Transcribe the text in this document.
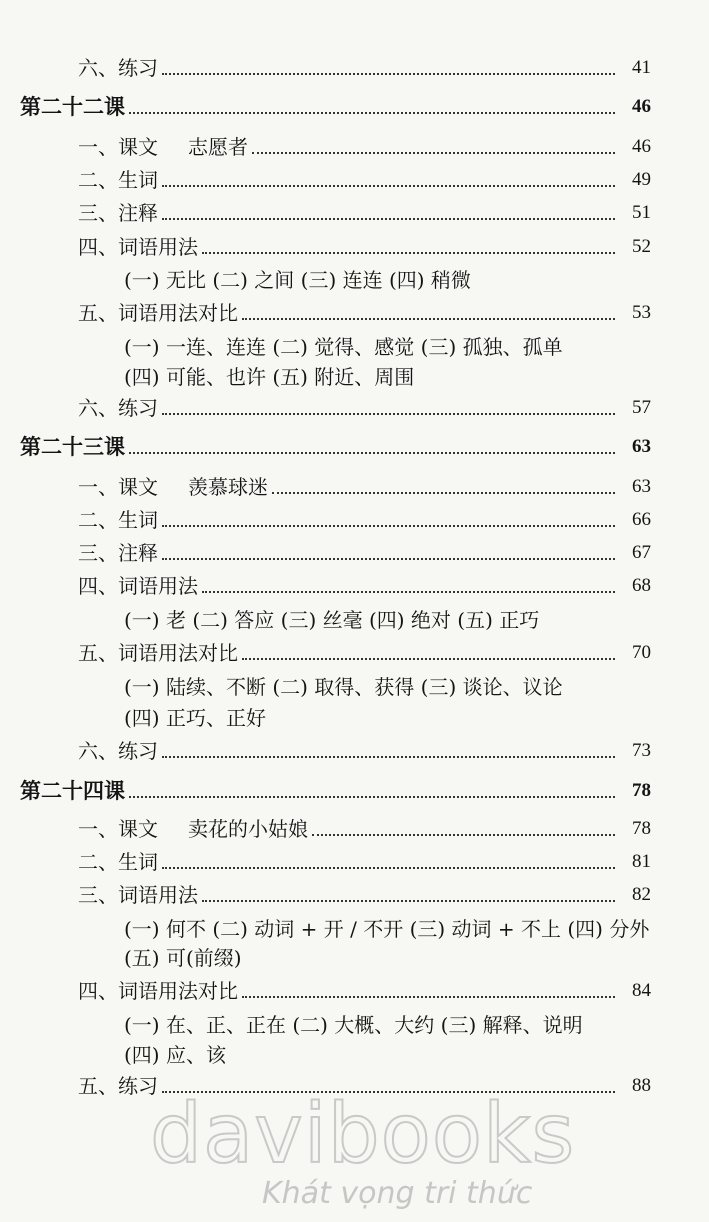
六、练习	41
第二十二课	46
一、课文 志愿者	46
二、生词	49
三、注释	51
四、词语用法	52
(一) 无比 (二) 之间 (三) 连连 (四) 稍微
五、词语用法对比	53
(一) 一连、连连 (二) 觉得、感觉 (三) 孤独、孤单
(四) 可能、也许 (五) 附近、周围
六、练习	57
第二十三课	63
一、课文 羡慕球迷	63
二、生词	66
三、注释	67
四、词语用法	68
(一) 老 (二) 答应 (三) 丝毫 (四) 绝对 (五) 正巧
五、词语用法对比	70
(一) 陆续、不断 (二) 取得、获得 (三) 谈论、议论
(四) 正巧、正好
六、练习	73
第二十四课	78
一、课文 卖花的小姑娘	78
二、生词	81
三、词语用法	82
(一) 何不 (二) 动词 + 开 / 不开 (三) 动词 + 不上 (四) 分外
(五) 可(前缀)
四、词语用法对比	84
(一) 在、正、正在 (二) 大概、大约 (三) 解释、说明
(四) 应、该
五、练习	88
davibooks
Khát vọng tri thức
